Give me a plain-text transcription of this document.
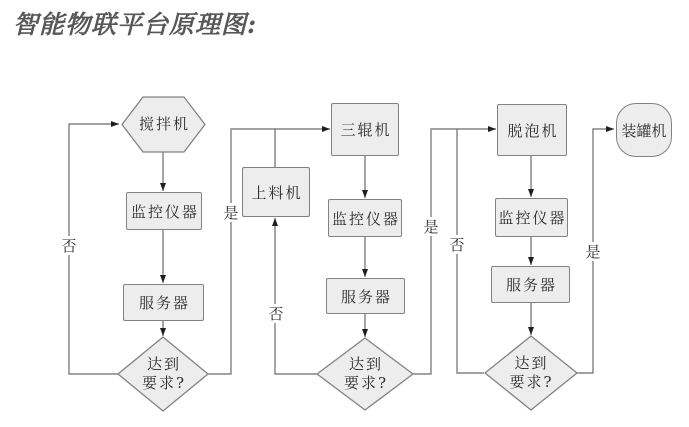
智能物联平台原理图:
监控仪器
服务器
三辊机
上料机
监控仪器
服务器
脱泡机
监控仪器
服务器
装罐机
搅拌机
达到
要求?
达到
要求?
达到
要求?
否
是
否
是
否	是
